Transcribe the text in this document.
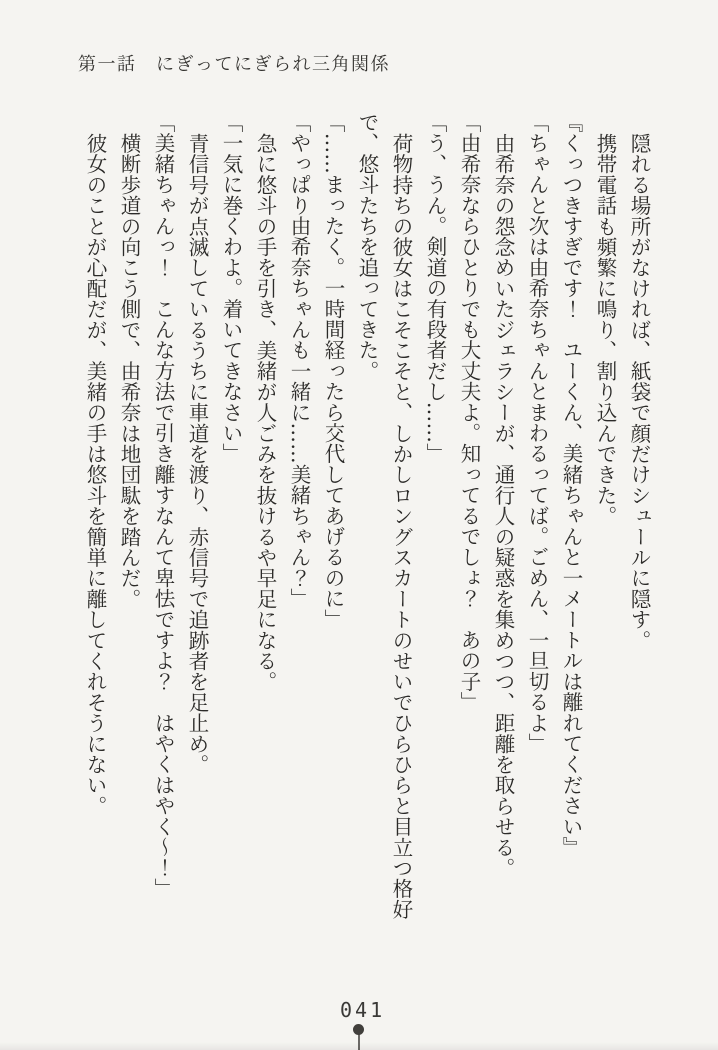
第一話　にぎってにぎられ三角関係

隠れる場所がなければ、紙袋で顔だけシュールに隠す。

携帯電話も頻繁に鳴り、割り込んできた。

『くっつきすぎです！　ユーくん、美緒ちゃんと一メートルは離れてください』

「ちゃんと次は由希奈ちゃんとまわるってば。ごめん、一旦切るよ」

由希奈の怨念めいたジェラシーが、通行人の疑惑を集めつつ、距離を取らせる。

「由希奈ならひとりでも大丈夫よ。知ってるでしょ？　あの子」

「う、うん。剣道の有段者だし……」

荷物持ちの彼女はこそこそと、しかしロングスカートのせいでひらひらと目立つ格好で、悠斗たちを追ってきた。

「……まったく。一時間経ったら交代してあげるのに」

「やっぱり由希奈ちゃんも一緒に……美緒ちゃん？」

急に悠斗の手を引き、美緒が人ごみを抜けるや早足になる。

「一気に巻くわよ。着いてきなさい」

青信号が点滅しているうちに車道を渡り、赤信号で追跡者を足止め。

「美緒ちゃんっ！　こんな方法で引き離すなんて卑怯ですよ？　はやくはやく～！」

横断歩道の向こう側で、由希奈は地団駄を踏んだ。

彼女のことが心配だが、美緒の手は悠斗を簡単に離してくれそうにない。

041
